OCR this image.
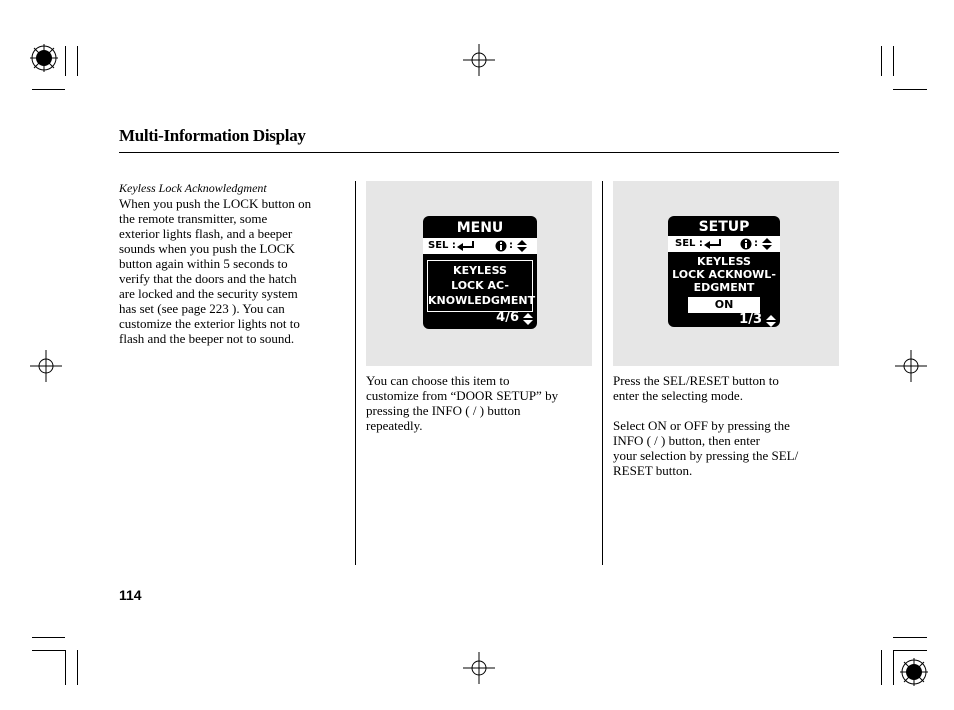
Multi-Information Display
Keyless Lock Acknowledgment
When you push the LOCK button on
the remote transmitter, some
exterior lights flash, and a beeper
sounds when you push the LOCK
button again within 5 seconds to
verify that the doors and the hatch
are locked and the security system
has set (see page 223 ). You can
customize the exterior lights not to
flash and the beeper not to sound.
MENU
SEL :	:
KEYLESS
LOCK AC-
KNOWLEDGMENT
4/6
SETUP
SEL :	:
KEYLESS
LOCK ACKNOWL-
EDGMENT
ON
1/3
You can choose this item to
customize from “DOOR SETUP” by
pressing the INFO ( / ) button
repeatedly.
Press the SEL/RESET button to
enter the selecting mode.
Select ON or OFF by pressing the
INFO ( / ) button, then enter
your selection by pressing the SEL/
RESET button.
114
